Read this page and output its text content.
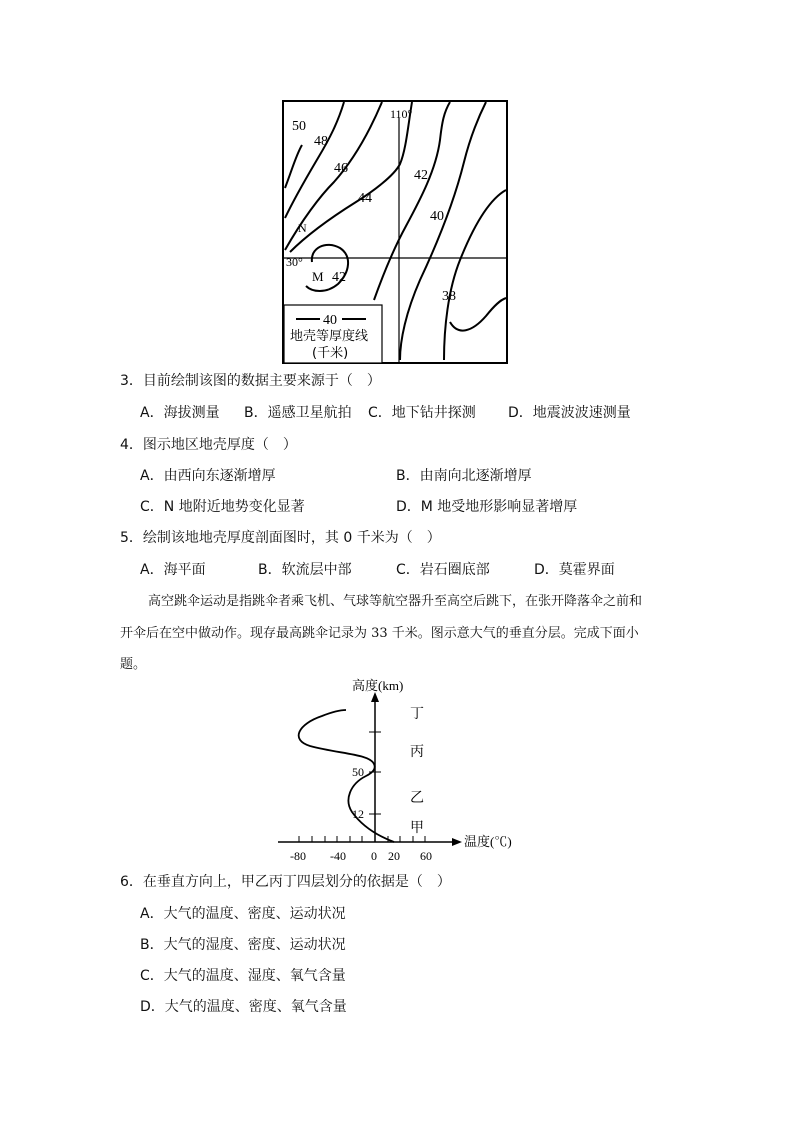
50
48
46
44
42
40
38
110°
30°
N
M 42
40
地壳等厚度线
(千米)
3．目前绘制该图的数据主要来源于（　）
A．海拔测量 B．遥感卫星航拍 C．地下钻井探测 D．地震波波速测量
4．图示地区地壳厚度（　）
A．由西向东逐渐增厚	B．由南向北逐渐增厚
C．N 地附近地势变化显著	D．M 地受地形影响显著增厚
5．绘制该地地壳厚度剖面图时，其 0 千米为（　）
A．海平面	B．软流层中部	C．岩石圈底部	D．莫霍界面
高空跳伞运动是指跳伞者乘飞机、气球等航空器升至高空后跳下，在张开降落伞之前和
开伞后在空中做动作。现存最高跳伞记录为 33 千米。图示意大气的垂直分层。完成下面小
题。
高度(km)
温度(℃)
-80 -40 0 20 60
12
50
丁
丙
乙
甲
6．在垂直方向上，甲乙丙丁四层划分的依据是（　）
A．大气的温度、密度、运动状况
B．大气的湿度、密度、运动状况
C．大气的温度、湿度、氧气含量
D．大气的温度、密度、氧气含量
